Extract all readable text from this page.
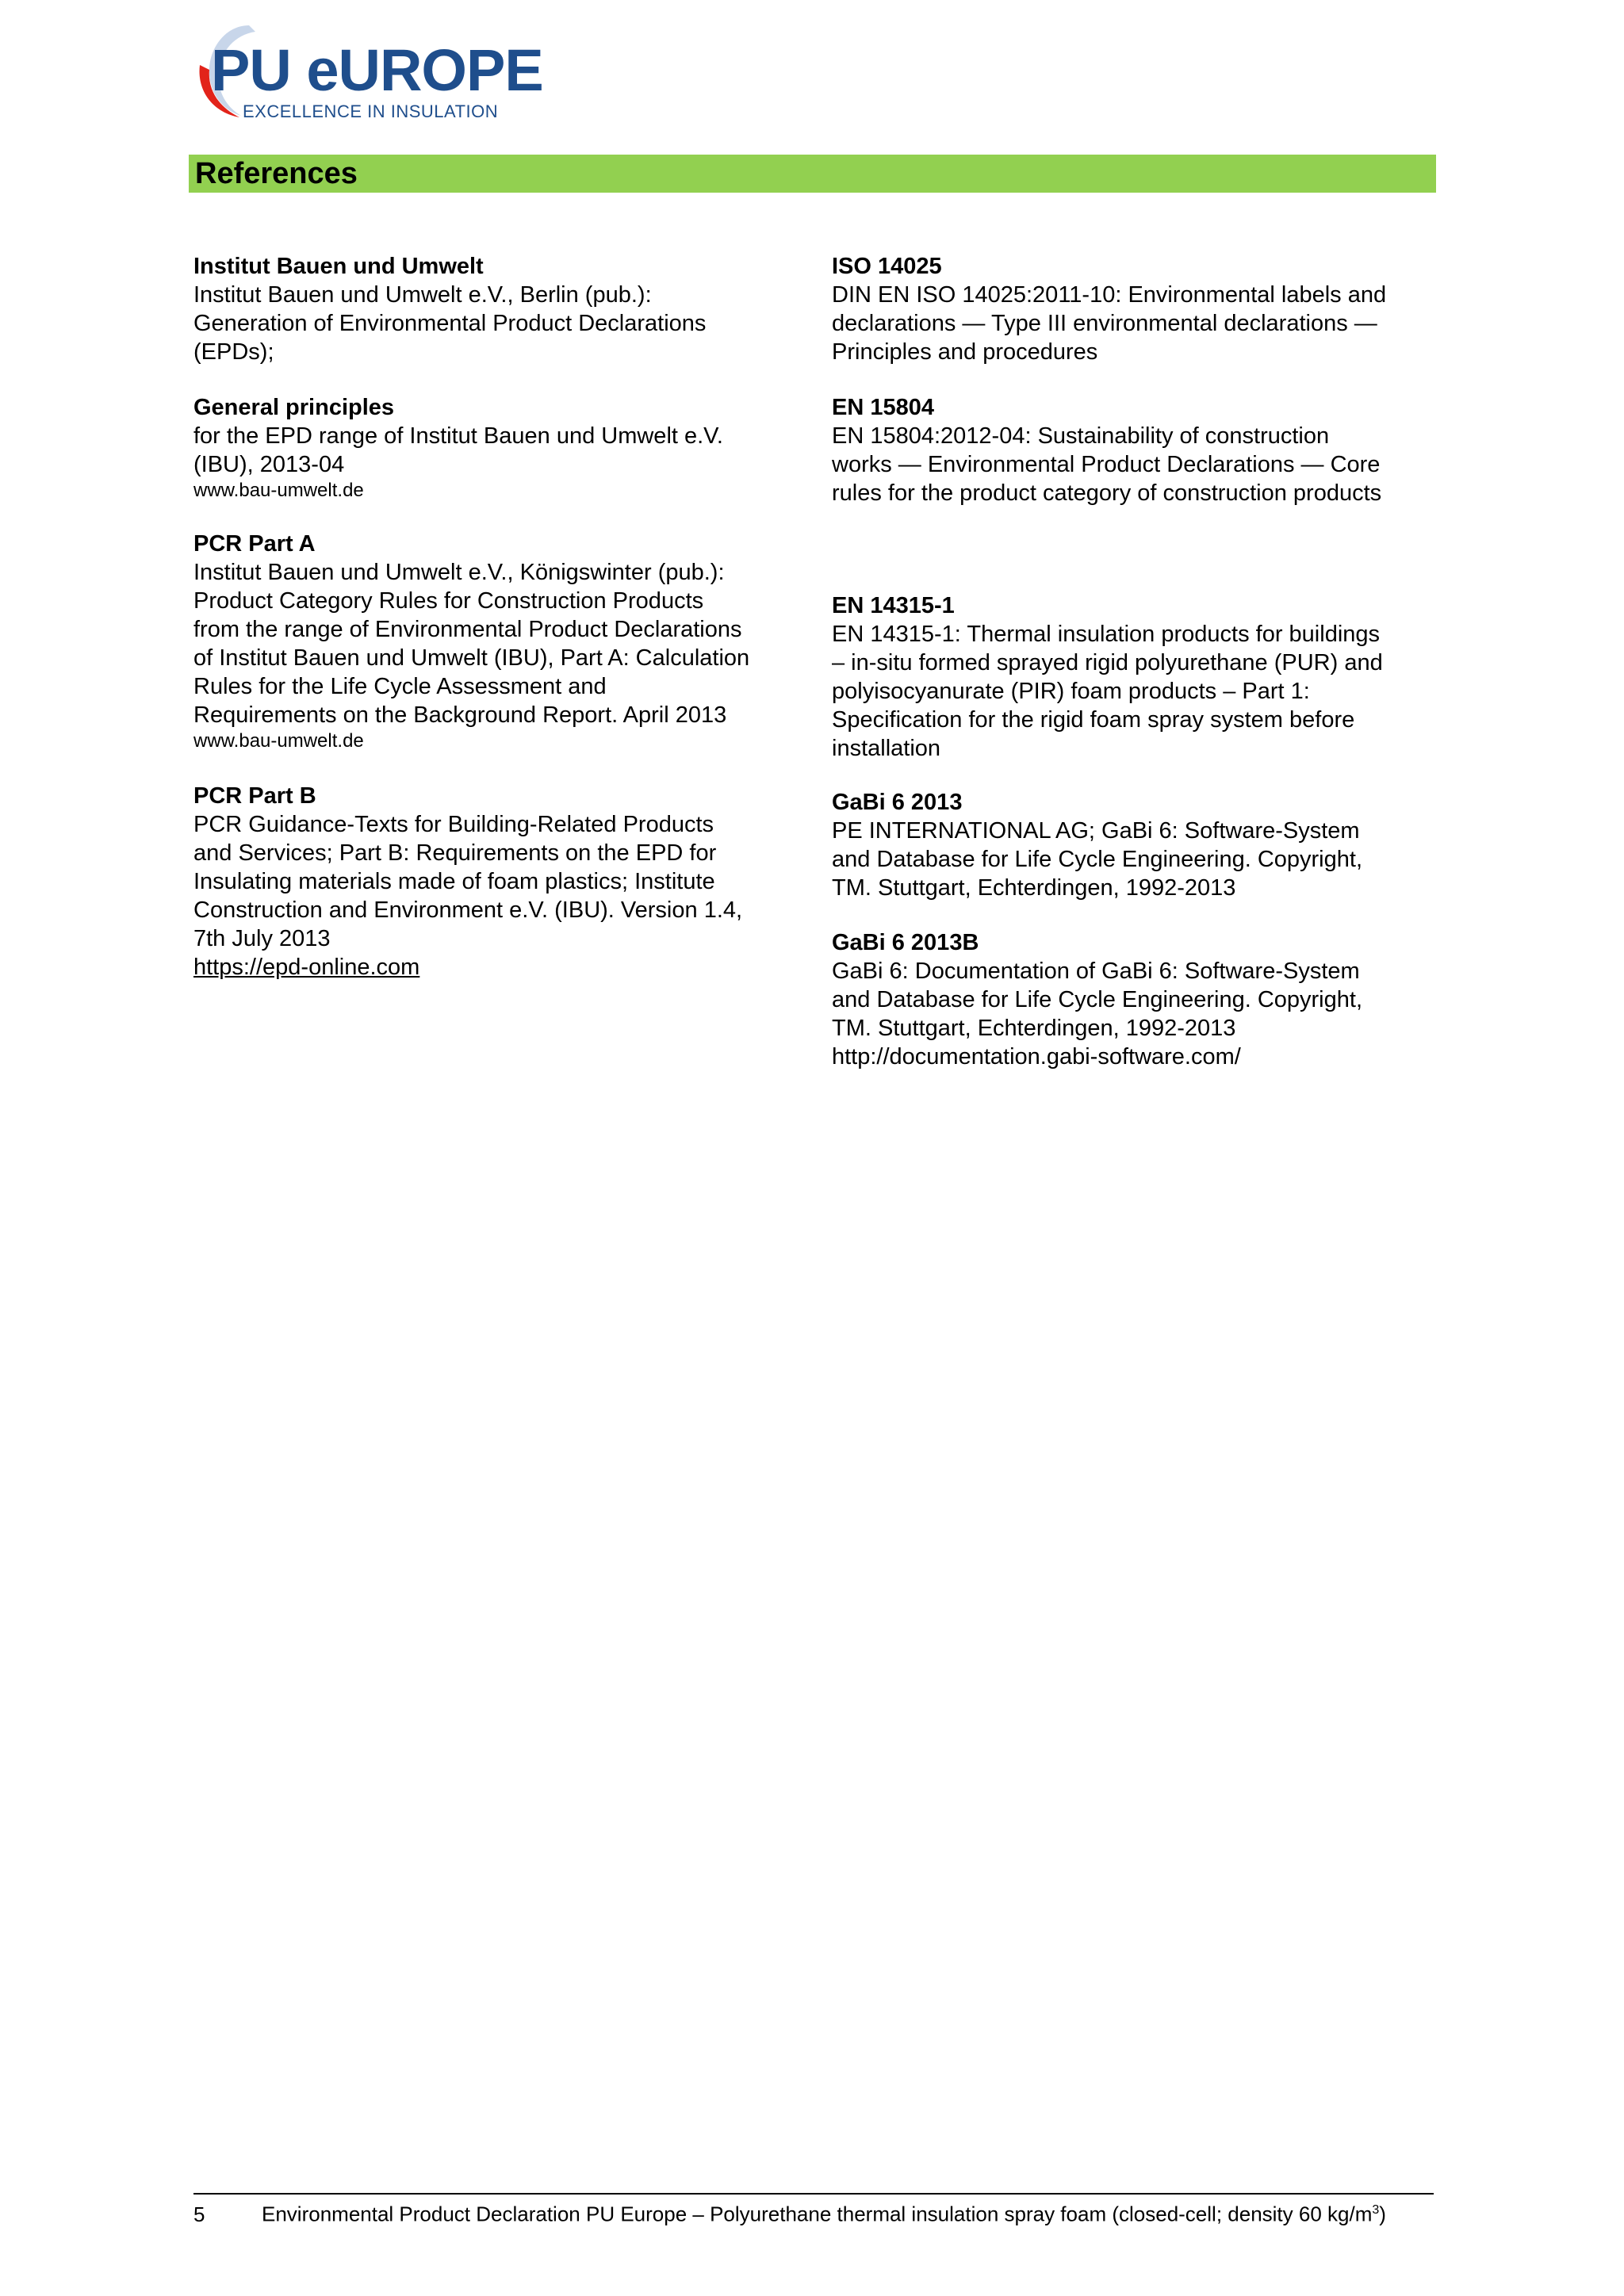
PU eUROPE
EXCELLENCE IN INSULATION
References
Institut Bauen und Umwelt
Institut Bauen und Umwelt e.V., Berlin (pub.):
Generation of Environmental Product Declarations
(EPDs);
General principles
for the EPD range of Institut Bauen und Umwelt e.V.
(IBU), 2013-04
www.bau-umwelt.de
PCR Part A
Institut Bauen und Umwelt e.V., Königswinter (pub.):
Product Category Rules for Construction Products
from the range of Environmental Product Declarations
of Institut Bauen und Umwelt (IBU), Part A: Calculation
Rules for the Life Cycle Assessment and
Requirements on the Background Report. April 2013
www.bau-umwelt.de
PCR Part B
PCR Guidance-Texts for Building-Related Products
and Services; Part B: Requirements on the EPD for
Insulating materials made of foam plastics; Institute
Construction and Environment e.V. (IBU). Version 1.4,
7th July 2013
https://epd-online.com
ISO 14025
DIN EN ISO 14025:2011-10: Environmental labels and
declarations — Type III environmental declarations —
Principles and procedures
EN 15804
EN 15804:2012-04: Sustainability of construction
works — Environmental Product Declarations — Core
rules for the product category of construction products
EN 14315-1
EN 14315-1: Thermal insulation products for buildings
– in-situ formed sprayed rigid polyurethane (PUR) and
polyisocyanurate (PIR) foam products – Part 1:
Specification for the rigid foam spray system before
installation
GaBi 6 2013
PE INTERNATIONAL AG; GaBi 6: Software-System
and Database for Life Cycle Engineering. Copyright,
TM. Stuttgart, Echterdingen, 1992-2013
GaBi 6 2013B
GaBi 6: Documentation of GaBi 6: Software-System
and Database for Life Cycle Engineering. Copyright,
TM. Stuttgart, Echterdingen, 1992-2013
http://documentation.gabi-software.com/
5	Environmental Product Declaration PU Europe – Polyurethane thermal insulation spray foam (closed-cell; density 60 $kg/m^3$)
